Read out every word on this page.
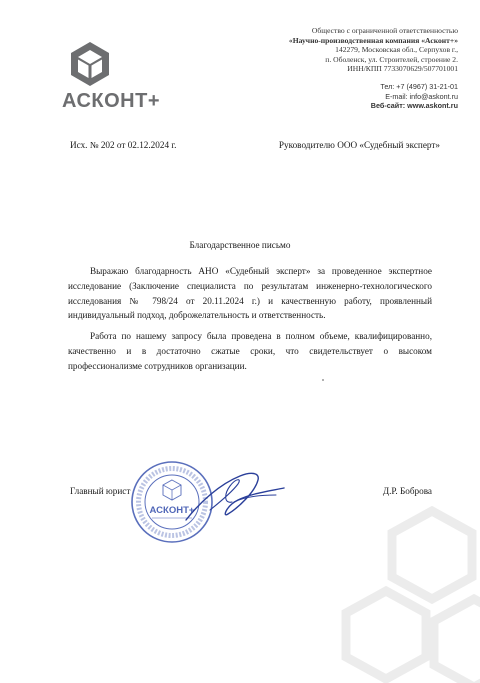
АСКОНТ+
Общество с ограниченной ответственностью
«Научно-производственная компания «Асконт+»
142279, Московская обл., Серпухов г.,
п. Оболенск, ул. Строителей, строение 2.
ИНН/КПП 7733070629/507701001
Тел: +7 (4967) 31-21-01
E-mail: info@askont.ru
Веб-сайт: www.askont.ru
Исх. № 202 от 02.12.2024 г.	Руководителю ООО «Судебный эксперт»
Благодарственное письмо

Выражаю благодарность АНО «Судебный эксперт» за проведенное экспертное исследование (Заключение специалиста по результатам инженерно-технологического исследования № 798/24 от 20.11.2024 г.) и качественную работу, проявленный индивидуальный подход, доброжелательность и ответственность.

Работа по нашему запросу была проведена в полном объеме, квалифицированно, качественно и в достаточно сжатые сроки, что свидетельствует о высоком профессионализме сотрудников организации.

Главный юрист
АСКОНТ+
Д.Р. Боброва
